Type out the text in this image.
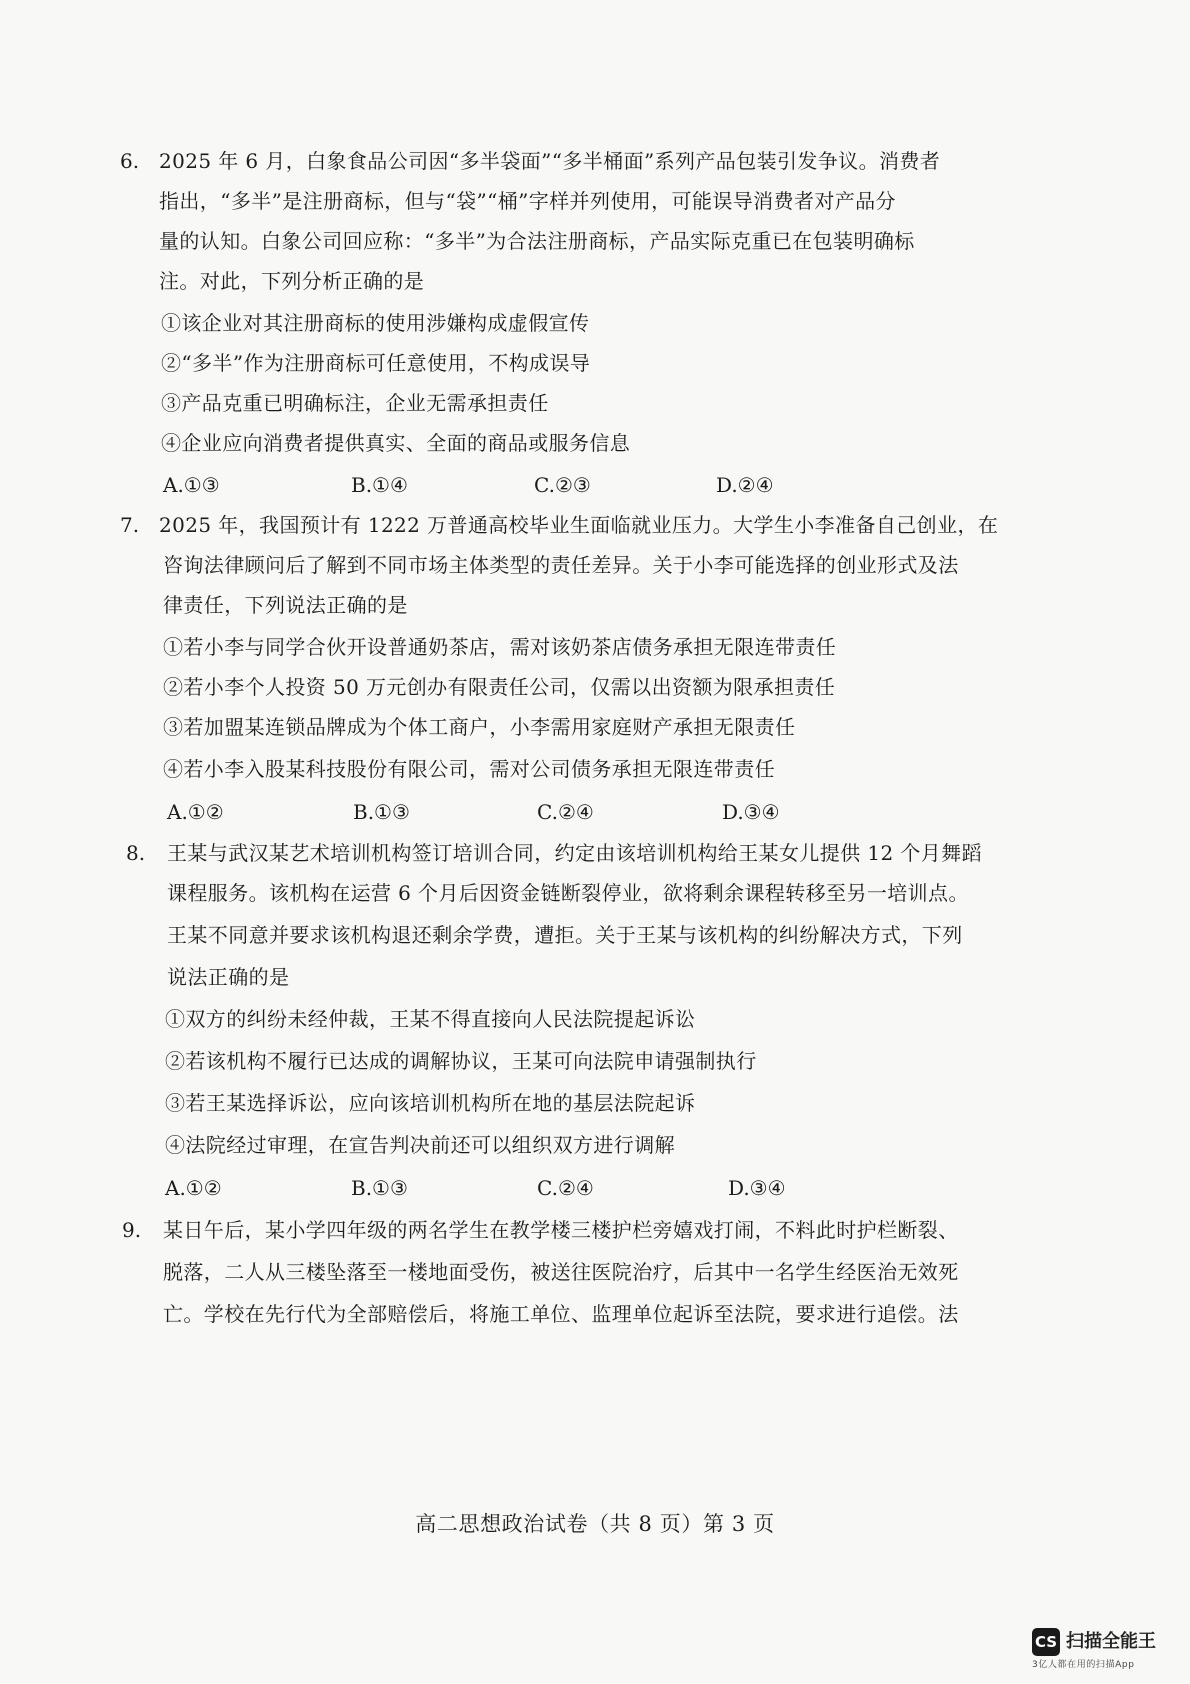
6. 2025 年 6 月，白象食品公司因“多半袋面”“多半桶面”系列产品包装引发争议。消费者
指出，“多半”是注册商标，但与“袋”“桶”字样并列使用，可能误导消费者对产品分
量的认知。白象公司回应称：“多半”为合法注册商标，产品实际克重已在包装明确标
注。对此，下列分析正确的是
①该企业对其注册商标的使用涉嫌构成虚假宣传
②“多半”作为注册商标可任意使用，不构成误导
③产品克重已明确标注，企业无需承担责任
④企业应向消费者提供真实、全面的商品或服务信息
A.①③	B.①④	C.②③	D.②④
7. 2025 年，我国预计有 1222 万普通高校毕业生面临就业压力。大学生小李准备自己创业，在
咨询法律顾问后了解到不同市场主体类型的责任差异。关于小李可能选择的创业形式及法
律责任，下列说法正确的是
①若小李与同学合伙开设普通奶茶店，需对该奶茶店债务承担无限连带责任
②若小李个人投资 50 万元创办有限责任公司，仅需以出资额为限承担责任
③若加盟某连锁品牌成为个体工商户，小李需用家庭财产承担无限责任
④若小李入股某科技股份有限公司，需对公司债务承担无限连带责任
A.①②	B.①③	C.②④	D.③④
8. 王某与武汉某艺术培训机构签订培训合同，约定由该培训机构给王某女儿提供 12 个月舞蹈
课程服务。该机构在运营 6 个月后因资金链断裂停业，欲将剩余课程转移至另一培训点。
王某不同意并要求该机构退还剩余学费，遭拒。关于王某与该机构的纠纷解决方式，下列
说法正确的是
①双方的纠纷未经仲裁，王某不得直接向人民法院提起诉讼
②若该机构不履行已达成的调解协议，王某可向法院申请强制执行
③若王某选择诉讼，应向该培训机构所在地的基层法院起诉
④法院经过审理，在宣告判决前还可以组织双方进行调解
A.①②	B.①③	C.②④	D.③④
9. 某日午后，某小学四年级的两名学生在教学楼三楼护栏旁嬉戏打闹，不料此时护栏断裂、
脱落，二人从三楼坠落至一楼地面受伤，被送往医院治疗，后其中一名学生经医治无效死
亡。学校在先行代为全部赔偿后，将施工单位、监理单位起诉至法院，要求进行追偿。法
高二思想政治试卷（共 8 页）第 3 页
CS 扫描全能王
3亿人都在用的扫描App
